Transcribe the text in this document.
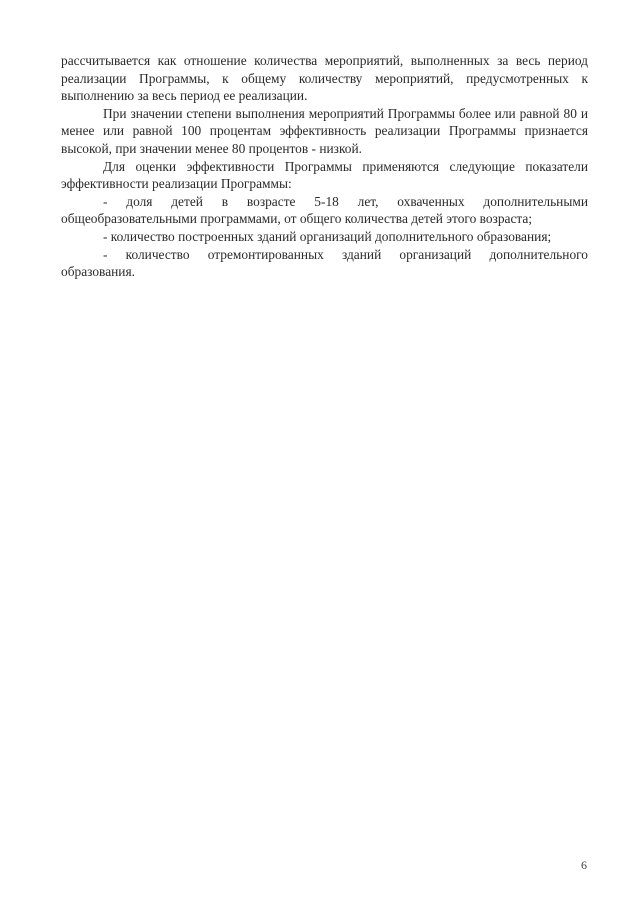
рассчитывается как отношение количества мероприятий, выполненных за весь период реализации Программы, к общему количеству мероприятий, предусмотренных к выполнению за весь период ее реализации.

При значении степени выполнения мероприятий Программы более или равной 80 и менее или равной 100 процентам эффективность реализации Программы признается высокой, при значении менее 80 процентов - низкой.

Для оценки эффективности Программы применяются следующие показатели эффективности реализации Программы:

- доля детей в возрасте 5-18 лет, охваченных дополнительными общеобразовательными программами, от общего количества детей этого возраста;

- количество построенных зданий организаций дополнительного образования;

- количество отремонтированных зданий организаций дополнительного образования.

6
